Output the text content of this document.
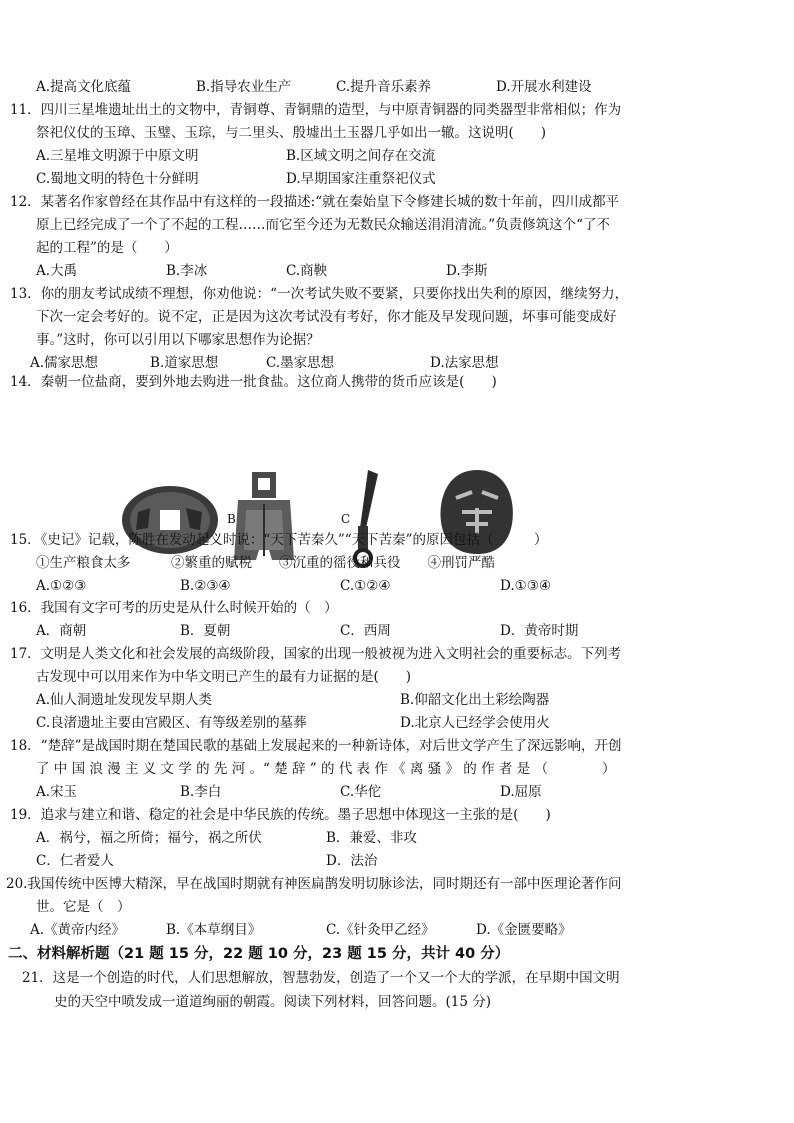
A.提高文化底蕴	B.指导农业生产	C.提升音乐素养	D.开展水利建设
11．四川三星堆遗址出土的文物中，青铜尊、青铜鼎的造型，与中原青铜器的同类器型非常相似；作为
祭祀仪仗的玉璋、玉璧、玉琮，与二里头、殷墟出土玉器几乎如出一辙。这说明(　　)
A.三星堆文明源于中原文明	B.区域文明之间存在交流
C.蜀地文明的特色十分鲜明	D.早期国家注重祭祀仪式
12．某著名作家曾经在其作品中有这样的一段描述:“就在秦始皇下令修建长城的数十年前，四川成都平
原上已经完成了一个了不起的工程……而它至今还为无数民众输送涓涓清流。”负责修筑这个“了不
起的工程”的是（　　）
A.大禹	B.李冰	C.商鞅	D.李斯
13．你的朋友考试成绩不理想，你劝他说：“一次考试失败不要紧，只要你找出失利的原因，继续努力，
下次一定会考好的。说不定，正是因为这次考试没有考好，你才能及早发现问题，坏事可能变成好
事。”这时，你可以引用以下哪家思想作为论据？
A.儒家思想	B.道家思想	C.墨家思想	D.法家思想
14．秦朝一位盐商，要到外地去购进一批食盐。这位商人携带的货币应该是(　　)
B	C
15．《史记》记载，陈胜在发动起义时说：“天下苦秦久”“天下苦秦”的原因包括（　　　）
①生产粮食太多　　　②繁重的赋税　　③沉重的徭役和兵役　　④刑罚严酷
A.①②③	B.②③④	C.①②④	D.①③④
16．我国有文字可考的历史是从什么时候开始的（　）
A．商朝	B．夏朝	C．西周	D．黄帝时期
17．文明是人类文化和社会发展的高级阶段，国家的出现一般被视为进入文明社会的重要标志。下列考
古发现中可以用来作为中华文明已产生的最有力证据的是(　　)
A.仙人洞遗址发现发早期人类	B.仰韶文化出土彩绘陶器
C.良渚遗址主要由宫殿区、有等级差别的墓葬	D.北京人已经学会使用火
18．“楚辞”是战国时期在楚国民歌的基础上发展起来的一种新诗体，对后世文学产生了深远影响，开创
了 中 国 浪 漫 主 义 文 学 的 先 河 。“ 楚 辞 ” 的 代 表 作 《 离 骚 》 的 作 者 是 （　　　　）
A.宋玉	B.李白	C.华佗	D.屈原
19．追求与建立和谐、稳定的社会是中华民族的传统。墨子思想中体现这一主张的是(　　)
A．祸兮，福之所倚；福兮，祸之所伏	B．兼爱、非攻
C．仁者爱人	D．法治
20.我国传统中医博大精深，早在战国时期就有神医扁鹊发明切脉诊法，同时期还有一部中医理论著作问
世。它是（　）
A.《黄帝内经》	B.《本草纲目》	C.《针灸甲乙经》	D.《金匮要略》
二、材料解析题（21 题 15 分，22 题 10 分，23 题 15 分，共计 40 分）
21．这是一个创造的时代，人们思想解放，智慧勃发，创造了一个又一个大的学派，在早期中国文明
史的天空中喷发成一道道绚丽的朝霞。阅读下列材料，回答问题。(15 分)
